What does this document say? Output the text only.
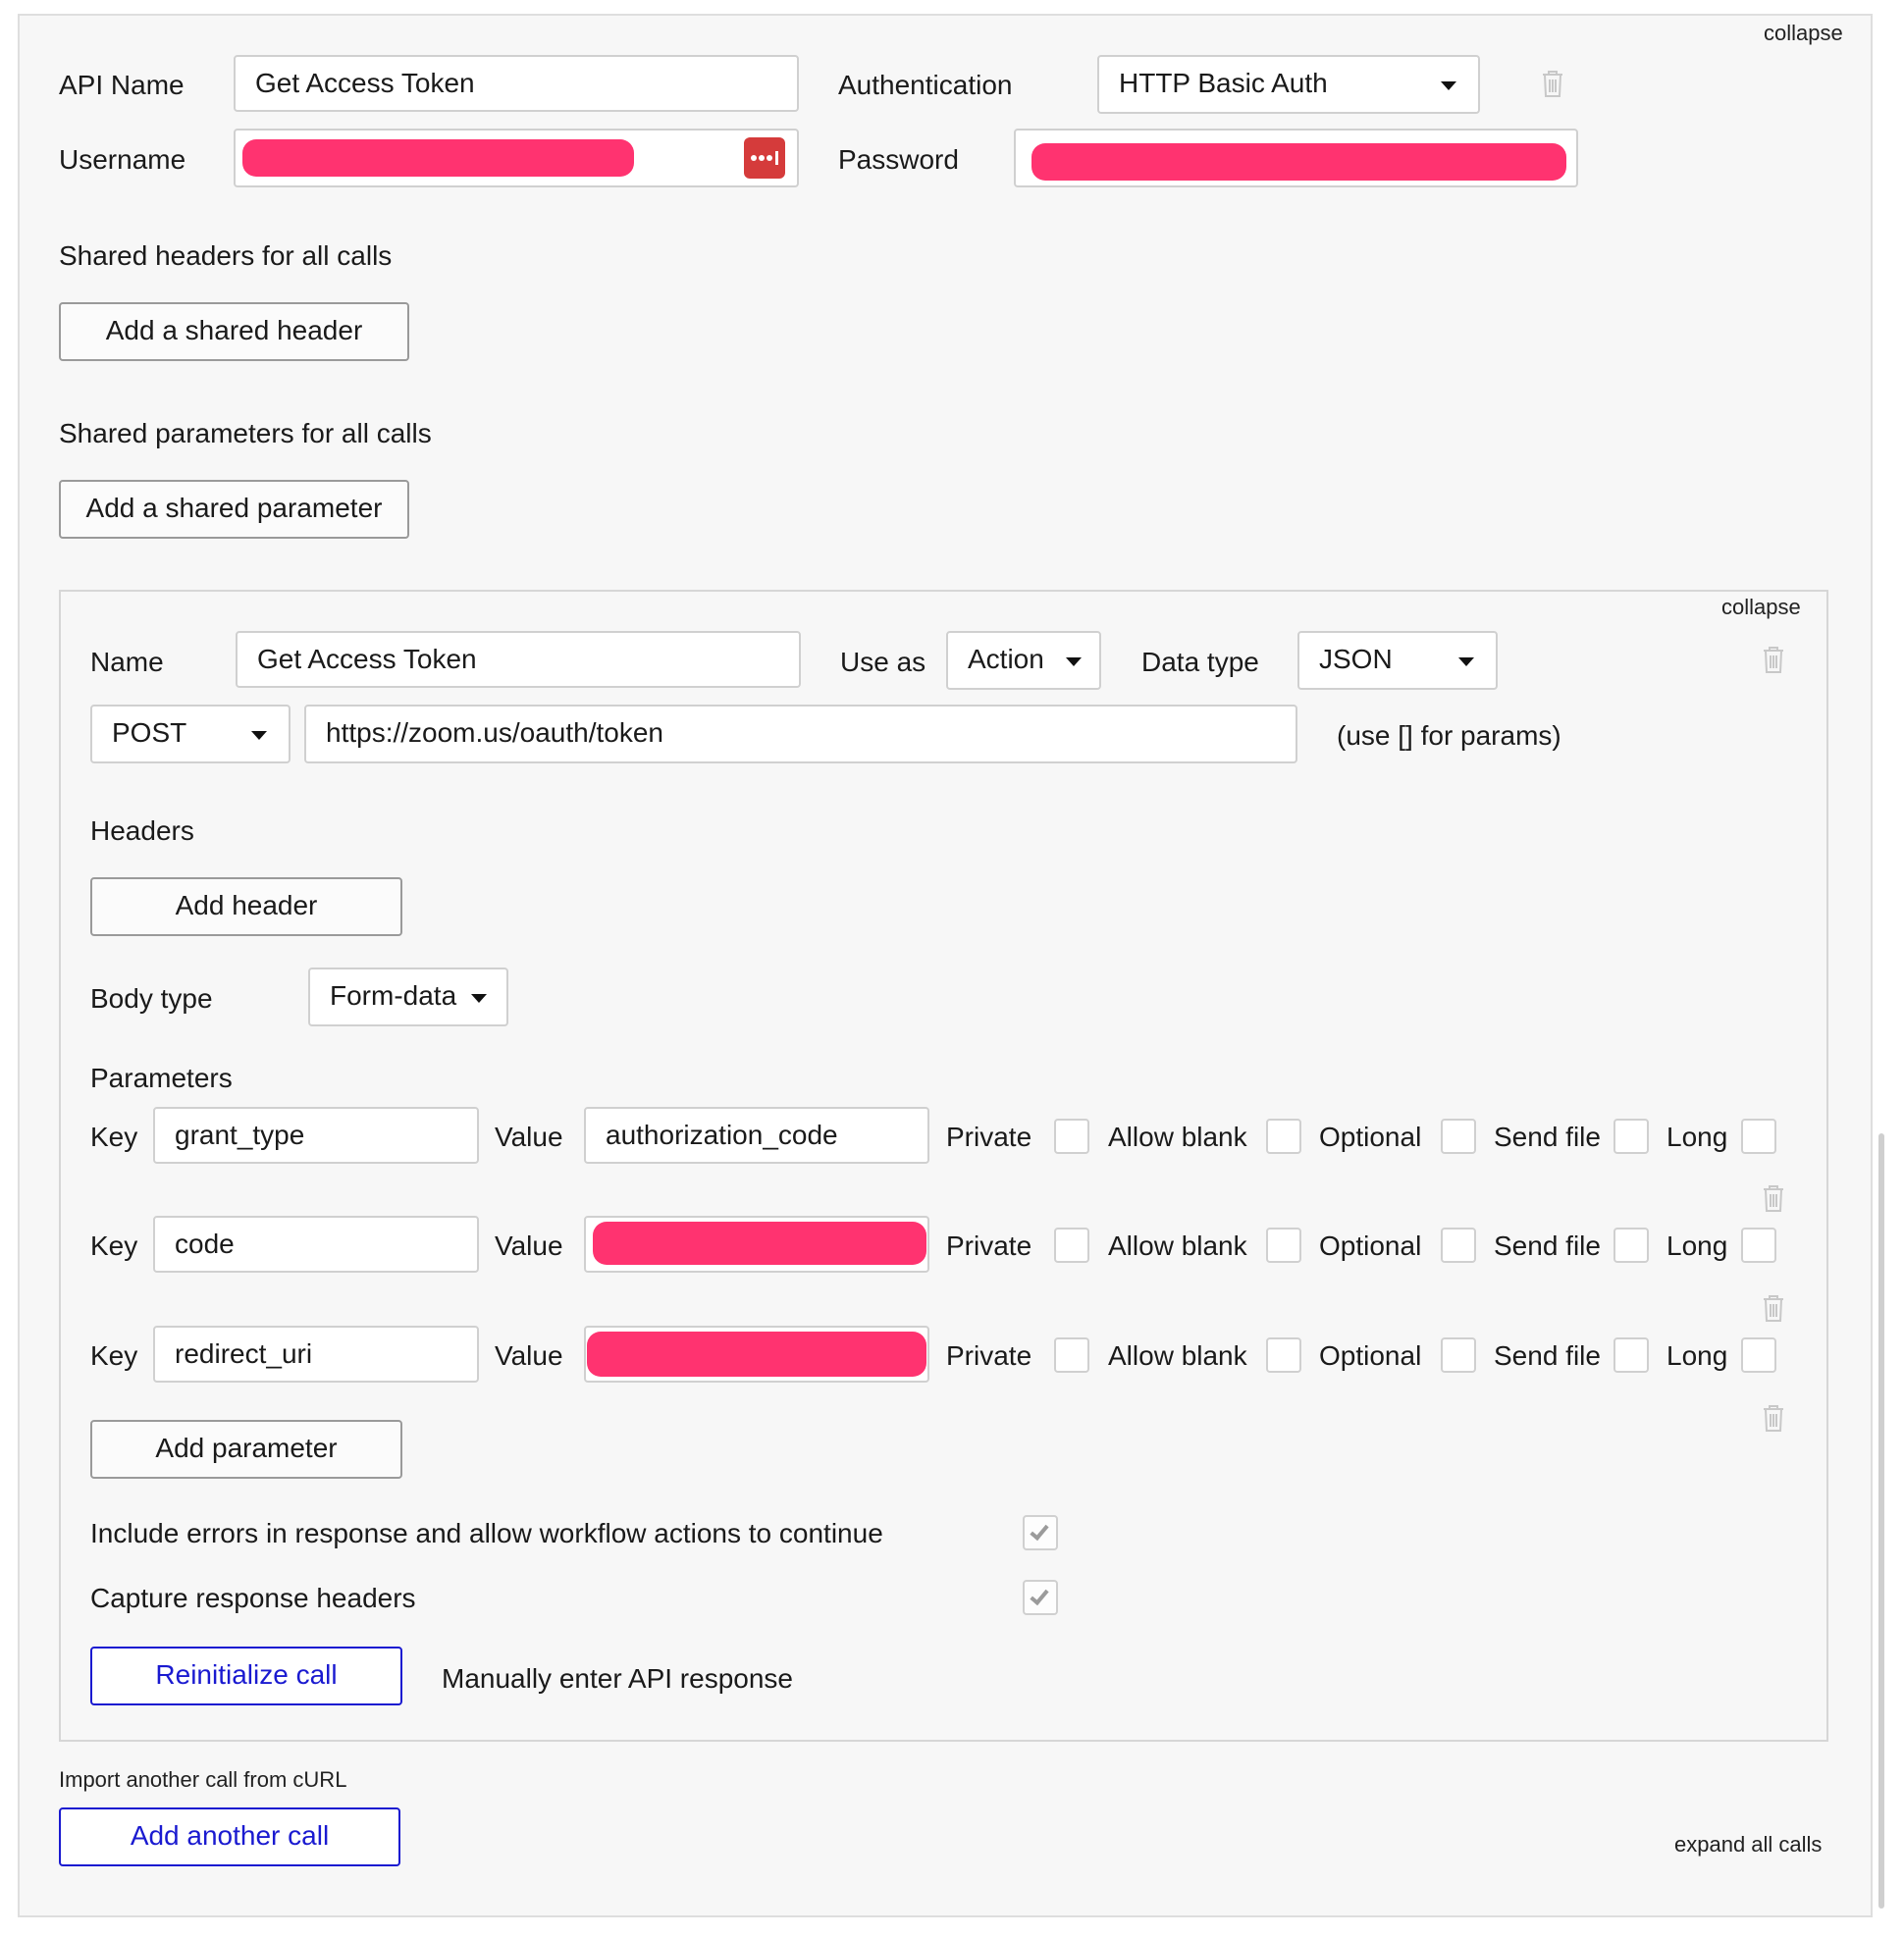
collapse
API Name	Get Access Token	Authentication	HTTP Basic Auth
Username	Password
Shared headers for all calls
Add a shared header
Shared parameters for all calls
Add a shared parameter
collapse
Name	Get Access Token	Use as	Action	Data type	JSON
POST	https://zoom.us/oauth/token	(use [] for params)
Headers
Add header
Body type	Form-data
Parameters
Key	grant_type	Value	authorization_code	Private	Allow blank	Optional	Send file Long
Key	code	Value	Private	Allow blank	Optional	Send file Long
Key	redirect_uri	Value	Private	Allow blank	Optional	Send file Long
Add parameter
Include errors in response and allow workflow actions to continue
Capture response headers
Reinitialize call	Manually enter API response
Import another call from cURL
Add another call	expand all calls
